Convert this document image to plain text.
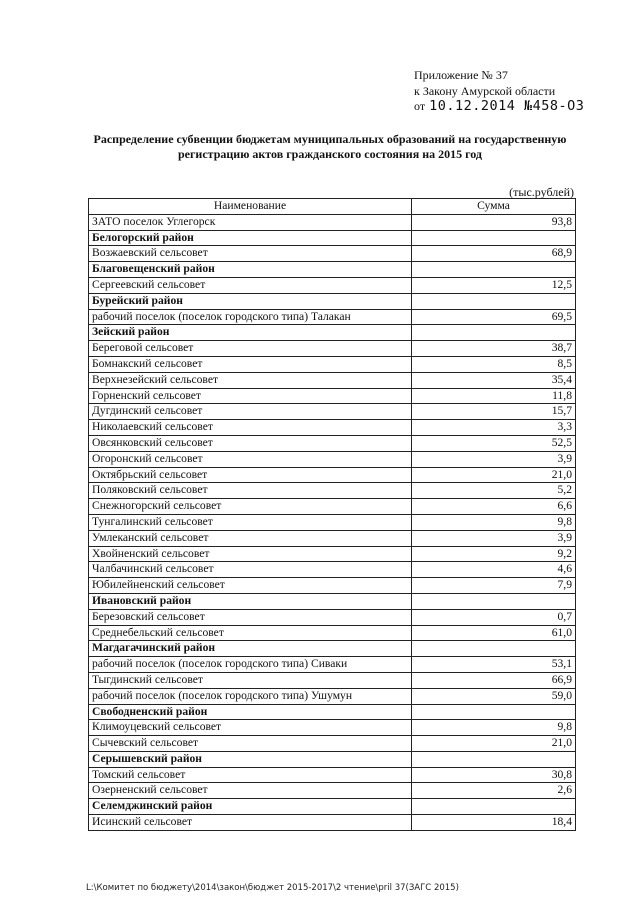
Приложение № 37
к Закону Амурской области
от 10.12.2014 №458-ОЗ
Распределение субвенции бюджетам муниципальных образований на государственную регистрацию актов гражданского состояния на 2015 год
(тыс.рублей)
Наименование	Сумма
ЗАТО поселок Углегорск	93,8
Белогорский район	
Возжаевский сельсовет	68,9
Благовещенский район	
Сергеевский сельсовет	12,5
Бурейский район	
рабочий поселок (поселок городского типа) Талакан	69,5
Зейский район	
Береговой сельсовет	38,7
Бомнакский сельсовет	8,5
Верхнезейский сельсовет	35,4
Горненский сельсовет	11,8
Дугдинский сельсовет	15,7
Николаевский сельсовет	3,3
Овсянковский сельсовет	52,5
Огоронский сельсовет	3,9
Октябрьский сельсовет	21,0
Поляковский сельсовет	5,2
Снежногорский сельсовет	6,6
Тунгалинский сельсовет	9,8
Умлеканский сельсовет	3,9
Хвойненский сельсовет	9,2
Чалбачинский сельсовет	4,6
Юбилейненский сельсовет	7,9
Ивановский район	
Березовский сельсовет	0,7
Среднебельский сельсовет	61,0
Магдагачинский район	
рабочий поселок (поселок городского типа) Сиваки	53,1
Тыгдинский сельсовет	66,9
рабочий поселок (поселок городского типа) Ушумун	59,0
Свободненский район	
Климоуцевский сельсовет	9,8
Сычевский сельсовет	21,0
Серышевский район	
Томский сельсовет	30,8
Озерненский сельсовет	2,6
Селемджинский район	
Исинский сельсовет	18,4
L:\Комитет по бюджету\2014\закон\бюджет 2015-2017\2 чтение\pril 37(ЗАГС 2015)
